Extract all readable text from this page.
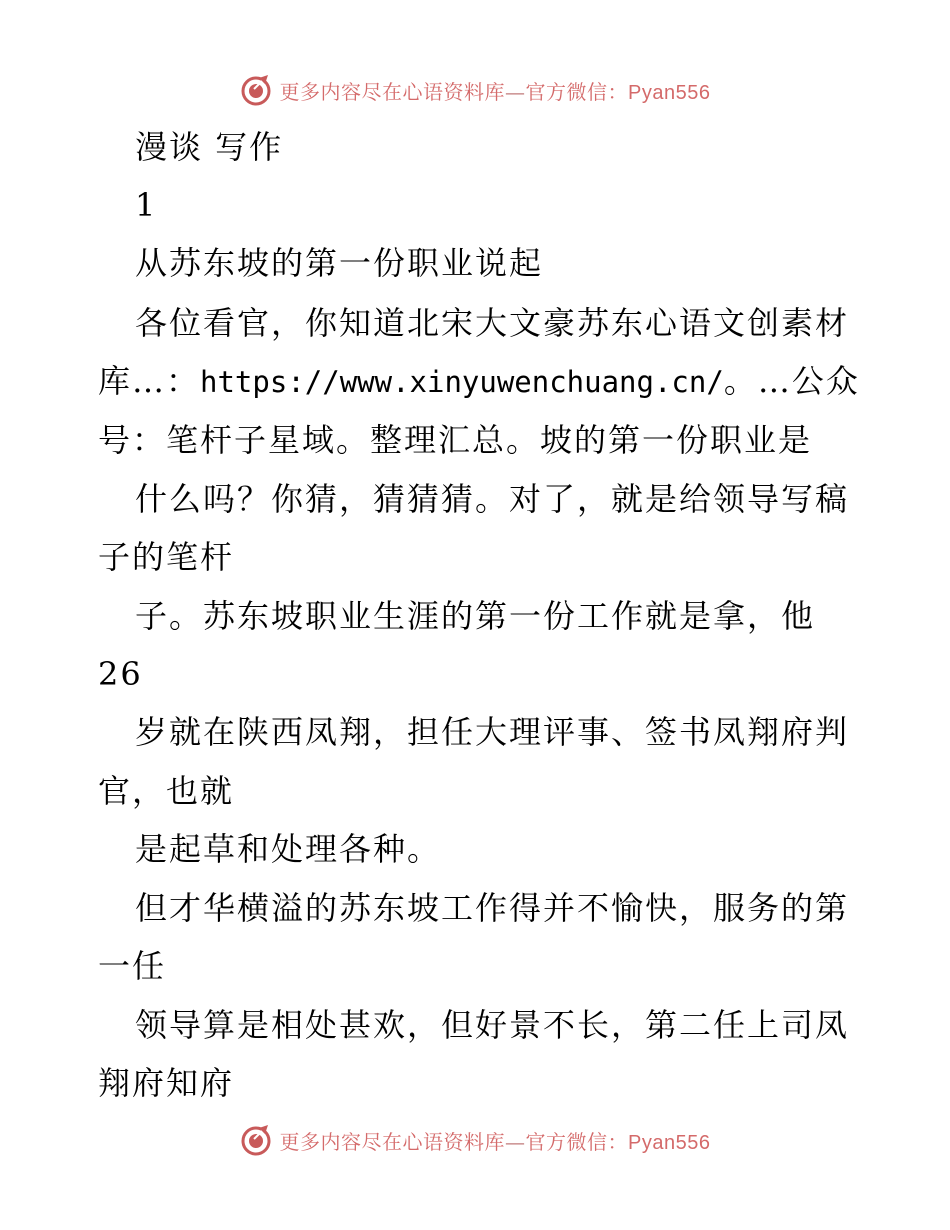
更多内容尽在心语资料库—官方微信：Pyan556
漫谈 写作
1
从苏东坡的第一份职业说起
各位看官，你知道北宋大文豪苏东心语文创素材
库…：https://www.xinyuwenchuang.cn/。…公众
号：笔杆子星域。整理汇总。坡的第一份职业是
什么吗？你猜，猜猜猜。对了，就是给领导写稿
子的笔杆
子。苏东坡职业生涯的第一份工作就是拿，他
26
岁就在陕西凤翔，担任大理评事、签书凤翔府判
官，也就
是起草和处理各种。
但才华横溢的苏东坡工作得并不愉快，服务的第
一任
领导算是相处甚欢，但好景不长，第二任上司凤
翔府知府
更多内容尽在心语资料库—官方微信：Pyan556
